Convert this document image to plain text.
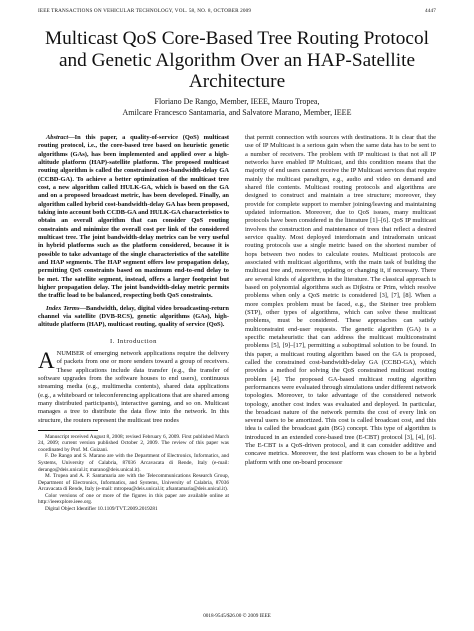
IEEE TRANSACTIONS ON VEHICULAR TECHNOLOGY, VOL. 58, NO. 8, OCTOBER 2009	4447
Multicast QoS Core-Based Tree Routing Protocol and Genetic Algorithm Over an HAP-Satellite Architecture
Floriano De Rango, Member, IEEE, Mauro Tropea,
Amilcare Francesco Santamaria, and Salvatore Marano, Member, IEEE

Abstract—In this paper, a quality-of-service (QoS) multicast routing protocol, i.e., the core-based tree based on heuristic genetic algorithms (GAs), has been implemented and applied over a high-altitude platform (HAP)-satellite platform. The proposed multicast routing algorithm is called the constrained cost-bandwidth-delay GA (CCBD-GA). To achieve a better optimization of the multicast tree cost, a new algorithm called HULK-GA, which is based on the GA and on a proposed broadcast metric, has been developed. Finally, an algorithm called hybrid cost-bandwidth-delay GA has been proposed, taking into account both CCDB-GA and HULK-GA characteristics to obtain an overall algorithm that can consider QoS routing constraints and minimize the overall cost per link of the considered multicast tree. The joint bandwidth-delay metrics can be very useful in hybrid platforms such as the platform considered, because it is possible to take advantage of the single characteristics of the satellite and HAP segments. The HAP segment offers low propagation delay, permitting QoS constraints based on maximum end-to-end delay to be met. The satellite segment, instead, offers a larger footprint but higher propagation delay. The joint bandwidth-delay metric permits the traffic load to be balanced, respecting both QoS constraints.

Index Terms—Bandwidth, delay, digital video broadcasting-return channel via satellite (DVB-RCS), genetic algorithms (GAs), high-altitude platform (HAP), multicast routing, quality of service (QoS).

I. Introduction

ANUMBER of emerging network applications require the delivery of packets from one or more senders toward a group of receivers. These applications include data transfer (e.g., the transfer of software upgrades from the software houses to end users), continuous streaming media (e.g., multimedia contents), shared data applications (e.g., a whiteboard or teleconferencing applications that are shared among many distributed participants), interactive gaming, and so on. Multicast manages a tree to distribute the data flow into the network. In this structure, the routers represent the multicast tree nodes

Manuscript received August 8, 2008; revised February 6, 2009. First published March 24, 2009; current version published October 2, 2009. The review of this paper was coordinated by Prof. M. Guizani.

F. De Rango and S. Marano are with the Department of Electronics, Informatics, and Systems, University of Calabria, 87036 Arcavacata di Rende, Italy (e-mail: derango@deis.unical.it; marano@deis.unical.it).

M. Tropea and A. F. Santamaria are with the Telecommunications Research Group, Department of Electronics, Informatics, and Systems, University of Calabria, 87036 Arcavacata di Rende, Italy (e-mail: mtropea@deis.unical.it; afsantamaria@deis.unical.it).

Color versions of one or more of the figures in this paper are available online at http://ieeexplore.ieee.org.

Digital Object Identifier 10.1109/TVT.2009.2019281

that permit connection with sources with destinations. It is clear that the use of IP Multicast is a serious gain when the same data has to be sent to a number of receivers. The problem with IP multicast is that not all IP networks have enabled IP Multicast, and this condition means that the majority of end users cannot receive the IP Multicast services that require mainly the multicast paradigm, e.g., audio and video on demand and shared file contents. Multicast routing protocols and algorithms are designed to construct and maintain a tree structure; moreover, they provide for complete support to member joining/leaving and maintaining updated information. Moreover, due to QoS issues, many multicast protocols have been considered in the literature [1]–[6]. QoS IP multicast involves the construction and maintenance of trees that reflect a desired service quality. Most deployed interdomain and intradomain unicast routing protocols use a single metric based on the shortest number of hops between two nodes to calculate routes. Multicast protocols are associated with multicast algorithms, with the main task of building the multicast tree and, moreover, updating or changing it, if necessary. There are several kinds of algorithms in the literature. The classical approach is based on polynomial algorithms such as Dijkstra or Prim, which resolve problems when only a QoS metric is considered [3], [7], [8]. When a more complex problem must be faced, e.g., the Steiner tree problem (STP), other types of algorithms, which can solve these multicast problems, must be considered. These approaches can satisfy multiconstraint end-user requests. The genetic algorithm (GA) is a specific metaheuristic that can address the multicast multiconstraint problems [5], [9]–[17], permitting a suboptimal solution to be found. In this paper, a multicast routing algorithm based on the GA is proposed, called the constrained cost-bandwidth-delay GA (CCBD-GA), which provides a method for solving the QoS constrained multicast routing problem [4]. The proposed GA-based multicast routing algorithm performances were evaluated through simulations under different network topologies. Moreover, to take advantage of the considered network topology, another cost index was evaluated and deployed. In particular, the broadcast nature of the network permits the cost of every link on several users to be amortized. This cost is called broadcast cost, and this idea is called the broadcast gain (BG) concept. This type of algorithm is introduced in an extended core-based tree (E-CBT) protocol [3], [4], [6]. The E-CBT is a QoS-driven protocol, and it can consider additive and concave metrics. Moreover, the test platform was chosen to be a hybrid platform with one on-board processor

0018-9545/$26.00 © 2009 IEEE
